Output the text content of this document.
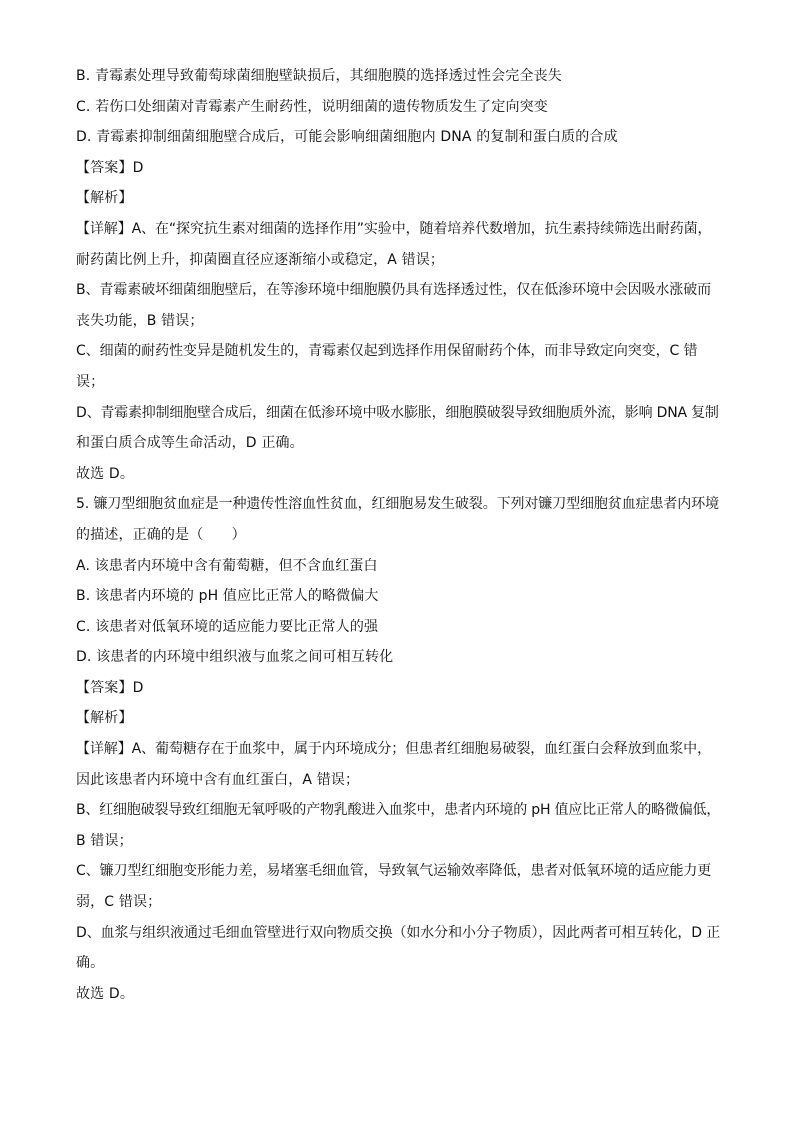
B. 青霉素处理导致葡萄球菌细胞壁缺损后，其细胞膜的选择透过性会完全丧失
C. 若伤口处细菌对青霉素产生耐药性，说明细菌的遗传物质发生了定向突变
D. 青霉素抑制细菌细胞壁合成后，可能会影响细菌细胞内 DNA 的复制和蛋白质的合成
【答案】D
【解析】
【详解】A、在“探究抗生素对细菌的选择作用”实验中，随着培养代数增加，抗生素持续筛选出耐药菌，
耐药菌比例上升，抑菌圈直径应逐渐缩小或稳定，A 错误；
B、青霉素破坏细菌细胞壁后，在等渗环境中细胞膜仍具有选择透过性，仅在低渗环境中会因吸水涨破而
丧失功能，B 错误；
C、细菌的耐药性变异是随机发生的，青霉素仅起到选择作用保留耐药个体，而非导致定向突变，C 错
误；
D、青霉素抑制细胞壁合成后，细菌在低渗环境中吸水膨胀，细胞膜破裂导致细胞质外流，影响 DNA 复制
和蛋白质合成等生命活动，D 正确。
故选 D。
5. 镰刀型细胞贫血症是一种遗传性溶血性贫血，红细胞易发生破裂。下列对镰刀型细胞贫血症患者内环境
的描述，正确的是（　　）
A. 该患者内环境中含有葡萄糖，但不含血红蛋白
B. 该患者内环境的 pH 值应比正常人的略微偏大
C. 该患者对低氧环境的适应能力要比正常人的强
D. 该患者的内环境中组织液与血浆之间可相互转化
【答案】D
【解析】
【详解】A、葡萄糖存在于血浆中，属于内环境成分；但患者红细胞易破裂，血红蛋白会释放到血浆中，
因此该患者内环境中含有血红蛋白，A 错误；
B、红细胞破裂导致红细胞无氧呼吸的产物乳酸进入血浆中，患者内环境的 pH 值应比正常人的略微偏低，
B 错误；
C、镰刀型红细胞变形能力差，易堵塞毛细血管，导致氧气运输效率降低，患者对低氧环境的适应能力更
弱，C 错误；
D、血浆与组织液通过毛细血管壁进行双向物质交换（如水分和小分子物质），因此两者可相互转化，D 正
确。
故选 D。
